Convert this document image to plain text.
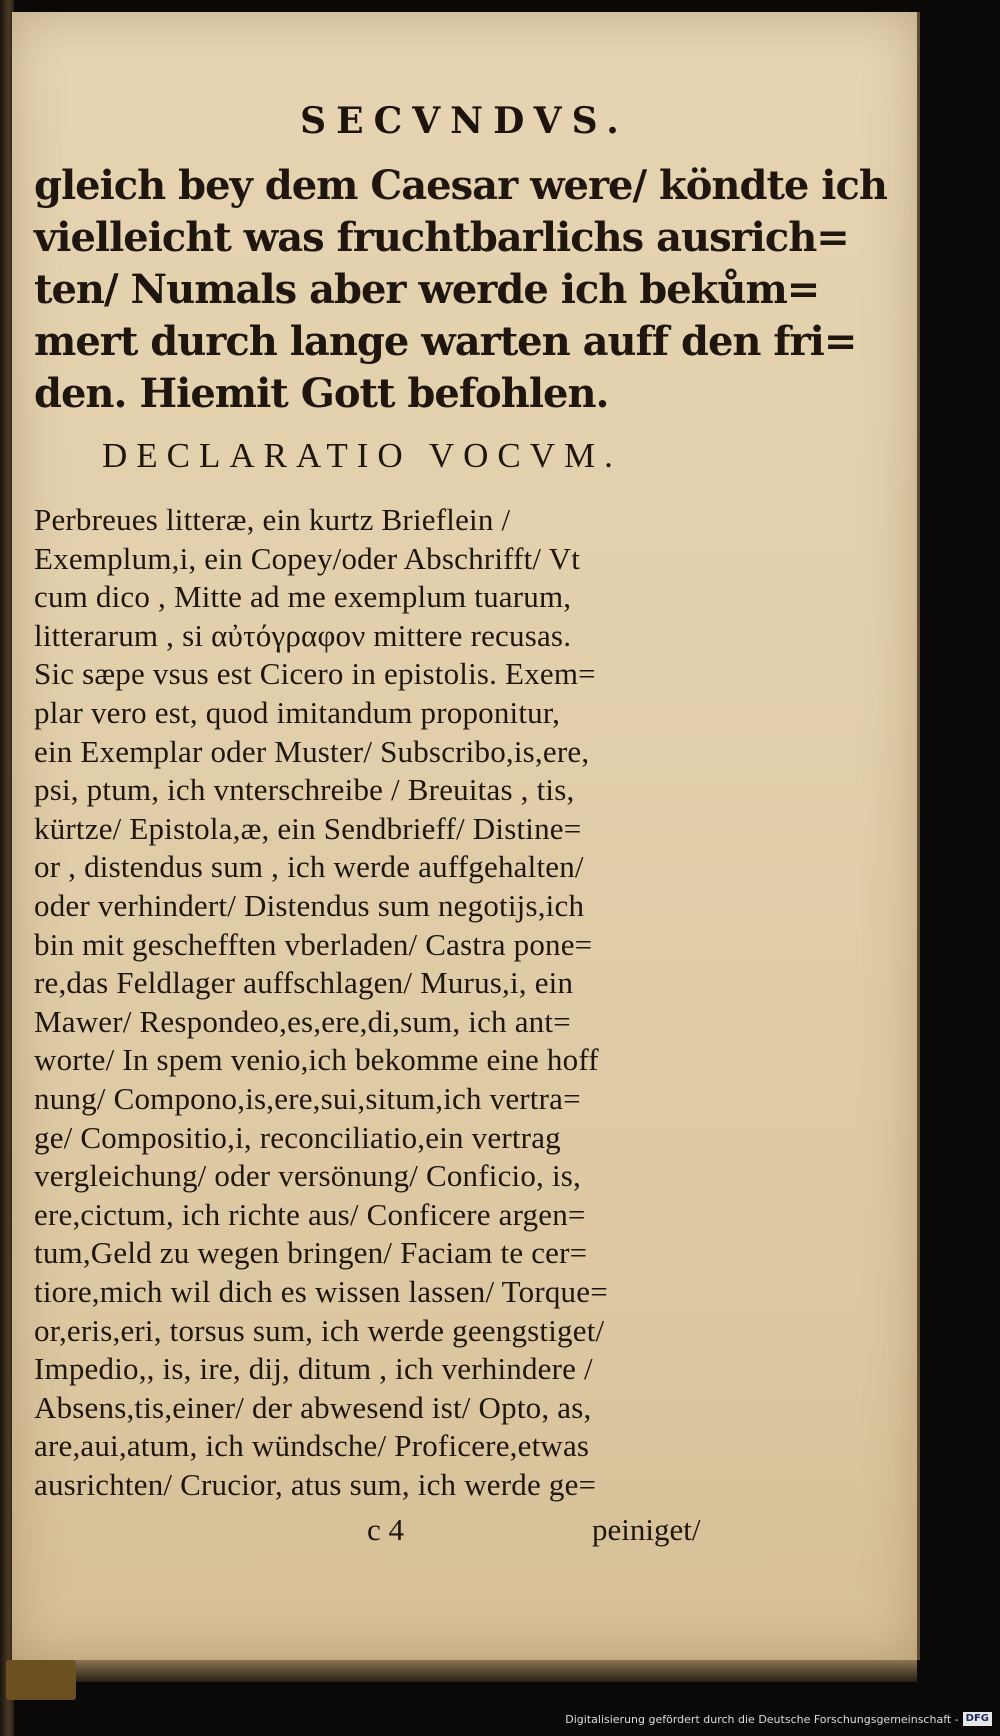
SECVNDVS.
gleich bey dem Caesar were/ köndte ich
vielleicht was fruchtbarlichs ausrich=
ten/ Numals aber werde ich bekům=
mert durch lange warten auff den fri=
den. Hiemit Gott befohlen.
DECLARATIO VOCVM.
Perbreues litteræ, ein kurtz Brieflein /
Exemplum,i, ein Copey/oder Abschrifft/ Vt
cum dico , Mitte ad me exemplum tuarum,
litterarum , si αὐτόγραφον mittere recusas.
Sic sæpe vsus est Cicero in epistolis. Exem=
plar vero est, quod imitandum proponitur,
ein Exemplar oder Muster/ Subscribo,is,ere,
psi, ptum, ich vnterschreibe / Breuitas , tis,
kürtze/ Epistola,æ, ein Sendbrieff/ Distine=
or , distendus sum , ich werde auffgehalten/
oder verhindert/ Distendus sum negotijs,ich
bin mit geschefften vberladen/ Castra pone=
re,das Feldlager auffschlagen/ Murus,i, ein
Mawer/ Respondeo,es,ere,di,sum, ich ant=
worte/ In spem venio,ich bekomme eine hoff
nung/ Compono,is,ere,sui,situm,ich vertra=
ge/ Compositio,i, reconciliatio,ein vertrag
vergleichung/ oder versönung/ Conficio, is,
ere,cictum, ich richte aus/ Conficere argen=
tum,Geld zu wegen bringen/ Faciam te cer=
tiore,mich wil dich es wissen lassen/ Torque=
or,eris,eri, torsus sum, ich werde geengstiget/
Impedio,, is, ire, dij, ditum , ich verhindere /
Absens,tis,einer/ der abwesend ist/ Opto, as,
are,aui,atum, ich wündsche/ Proficere,etwas
ausrichten/ Crucior, atus sum, ich werde ge=
c 4	peiniget/
Digitalisierung gefördert durch die Deutsche Forschungsgemeinschaft - DFG
